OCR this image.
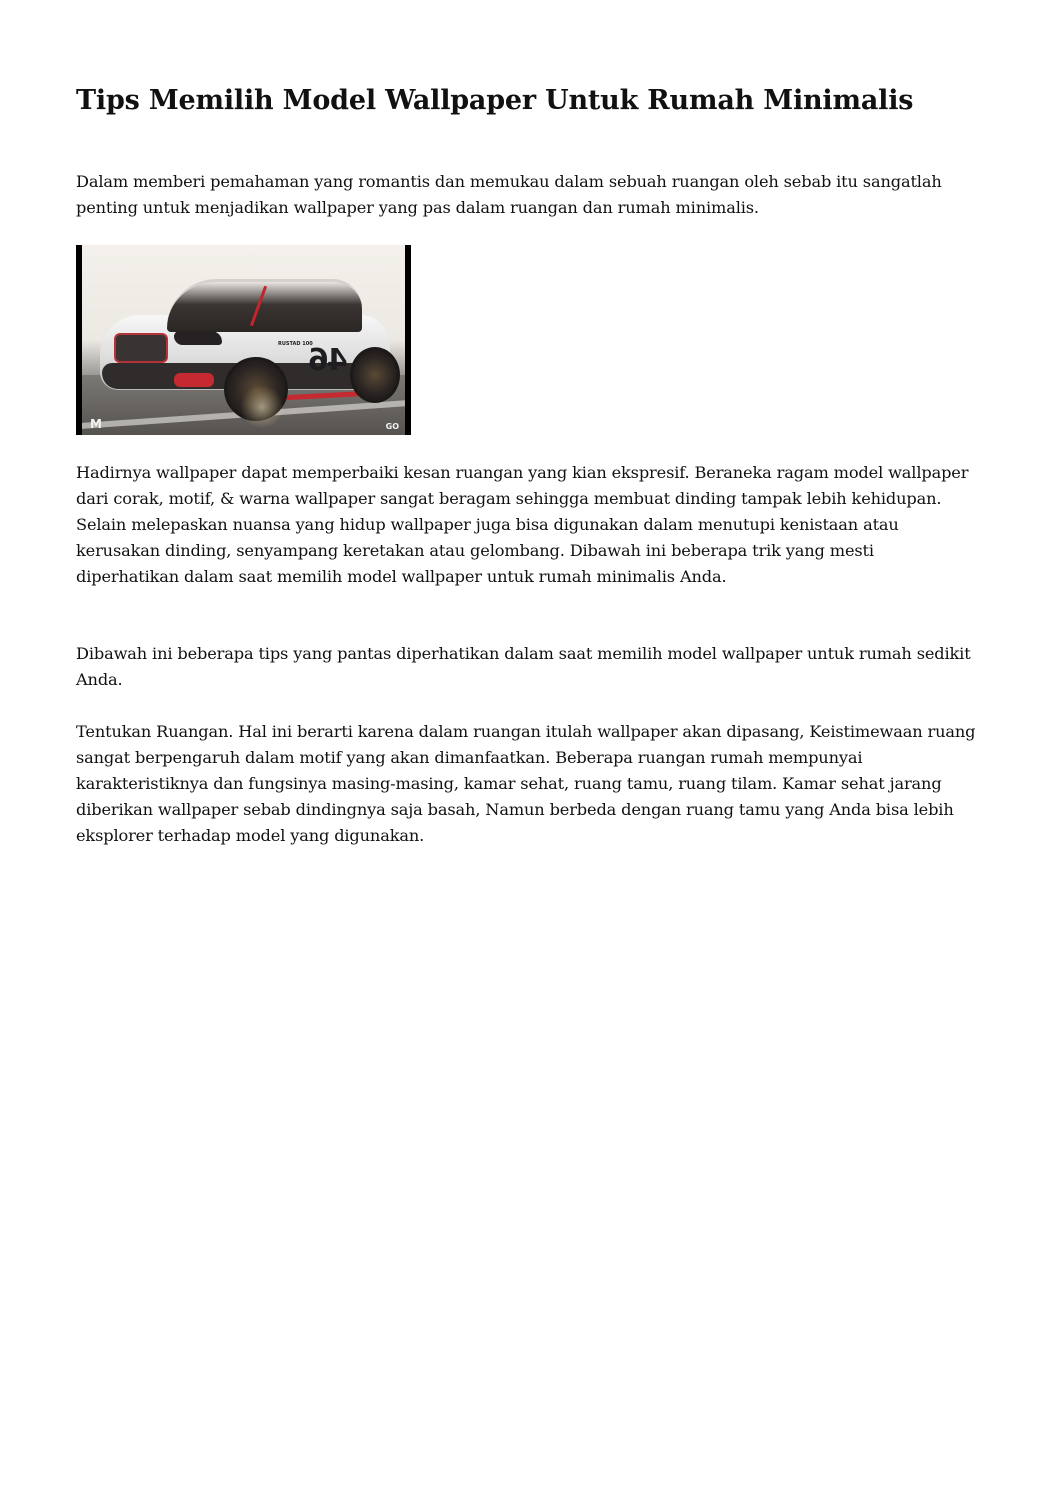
Tips Memilih Model Wallpaper Untuk Rumah Minimalis

Dalam memberi pemahaman yang romantis dan memukau dalam sebuah ruangan oleh sebab itu sangatlah penting untuk menjadikan wallpaper yang pas dalam ruangan dan rumah minimalis.

RUSTAD 100
46
M	GO

Hadirnya wallpaper dapat memperbaiki kesan ruangan yang kian ekspresif. Beraneka ragam model wallpaper dari corak, motif, & warna wallpaper sangat beragam sehingga membuat dinding tampak lebih kehidupan. Selain melepaskan nuansa yang hidup wallpaper juga bisa digunakan dalam menutupi kenistaan atau kerusakan dinding, senyampang keretakan atau gelombang. Dibawah ini beberapa trik yang mesti diperhatikan dalam saat memilih model wallpaper untuk rumah minimalis Anda.

Dibawah ini beberapa tips yang pantas diperhatikan dalam saat memilih model wallpaper untuk rumah sedikit Anda.

Tentukan Ruangan. Hal ini berarti karena dalam ruangan itulah wallpaper akan dipasang, Keistimewaan ruang sangat berpengaruh dalam motif yang akan dimanfaatkan. Beberapa ruangan rumah mempunyai karakteristiknya dan fungsinya masing-masing, kamar sehat, ruang tamu, ruang tilam. Kamar sehat jarang diberikan wallpaper sebab dindingnya saja basah, Namun berbeda dengan ruang tamu yang Anda bisa lebih eksplorer terhadap model yang digunakan.
